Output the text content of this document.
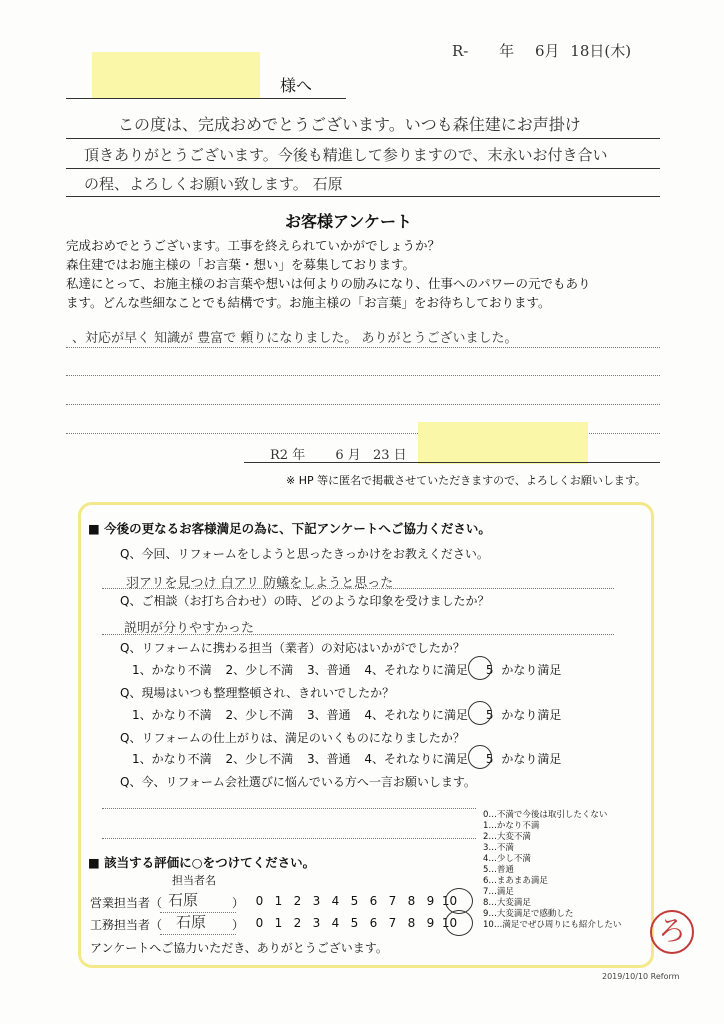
R- 年 6月 18日(木)
様へ
この度は、完成おめでとうございます。いつも森住建にお声掛け
頂きありがとうございます。今後も精進して参りますので、末永いお付き合い
の程、よろしくお願い致します。 石原
お客様アンケート
完成おめでとうございます。工事を終えられていかがでしょうか？
森住建ではお施主様の「お言葉・想い」を募集しております。
私達にとって、お施主様のお言葉や想いは何よりの励みになり、仕事へのパワーの元でもあり
ます。どんな些細なことでも結構です。お施主様の「お言葉」をお待ちしております。
、対応が早く 知識が 豊富で 頼りになりました。 ありがとうございました。
R2 年 6 月 23 日
※ HP 等に匿名で掲載させていただきますので、よろしくお願いします。
■ 今後の更なるお客様満足の為に、下記アンケートへご協力ください。
Q、今回、リフォームをしようと思ったきっかけをお教えください。
羽アリを見つけ 白アリ 防蟻をしようと思った
Q、ご相談（お打ち合わせ）の時、どのような印象を受けましたか？
説明が分りやすかった
Q、リフォームに携わる担当（業者）の対応はいかがでしたか？
1、かなり不満 2、少し不満 3、普通 4、それなりに満足 5 かなり満足
Q、現場はいつも整理整頓され、きれいでしたか？
1、かなり不満 2、少し不満 3、普通 4、それなりに満足 5 かなり満足
Q、リフォームの仕上がりは、満足のいくものになりましたか？
1、かなり不満 2、少し不満 3、普通 4、それなりに満足 5 かなり満足
Q、今、リフォーム会社選びに悩んでいる方へ一言お願いします。
0…不満で今後は取引したくない
1…かなり不満
2…大変不満
3…不満
4…少し不満
5…普通
6…まあまあ満足
7…満足
8…大変満足
9…大変満足で感動した
10…満足でぜひ周りにも紹介したい
■ 該当する評価に○をつけてください。
担当者名
営業担当者（ 石原	） 0 1 2 3 4 5 6 7 8 9 10
工務担当者（ 石原 ） 0 1 2 3 4 5 6 7 8 9 10
アンケートへご協力いただき、ありがとうございます。
ろ
2019/10/10 Reform
